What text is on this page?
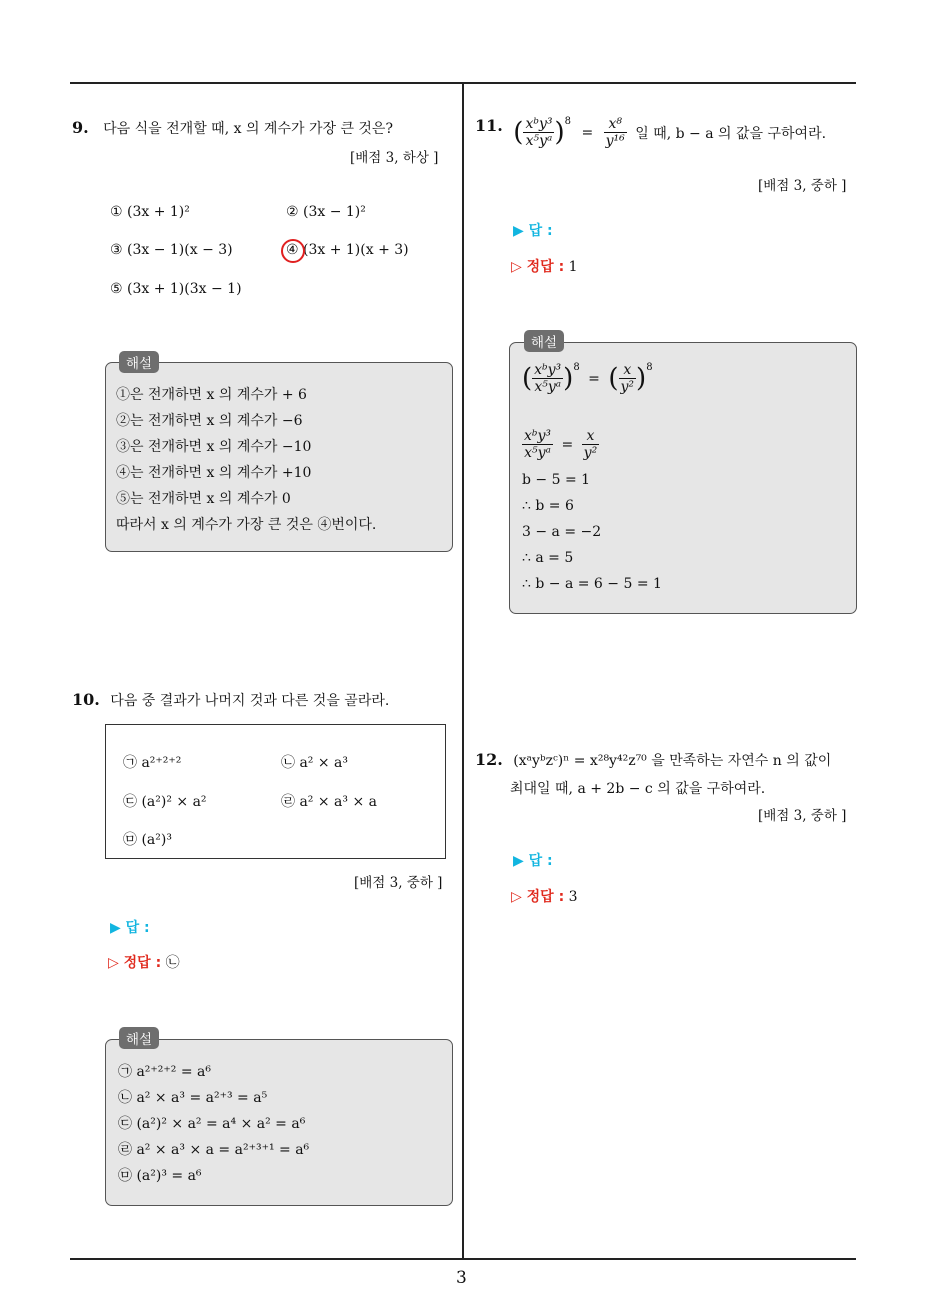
9. 다음 식을 전개할 때, x 의 계수가 가장 큰 것은?
[배점 3, 하상 ]
① (3x + 1)²	② (3x − 1)²
③ (3x − 1)(x − 3)	④ (3x + 1)(x + 3)
⑤ (3x + 1)(3x − 1)
해설
①은 전개하면 x 의 계수가 + 6
②는 전개하면 x 의 계수가 −6
③은 전개하면 x 의 계수가 −10
④는 전개하면 x 의 계수가 +10
⑤는 전개하면 x 의 계수가 0
따라서 x 의 계수가 가장 큰 것은 ④번이다.
10. 다음 중 결과가 나머지 것과 다른 것을 골라라.
㉠ a²⁺²⁺²	㉡ a² × a³
㉢ (a²)² × a²	㉣ a² × a³ × a
㉤ (a²)³
[배점 3, 중하 ]
▶ 답 :
▷ 정답 : ㉡
해설
㉠ a²⁺²⁺² = a⁶
㉡ a² × a³ = a²⁺³ = a⁵
㉢ (a²)² × a² = a⁴ × a² = a⁶
㉣ a² × a³ × a = a²⁺³⁺¹ = a⁶
㉤ (a²)³ = a⁶
11. ( $\frac{\text{xᵇy³}}{\text{x⁵yᵃ}} )^8 = \frac{\text{x⁸}}{\text{y¹⁶}}$ 일 때, b − a 의 값을 구하여라.
[배점 3, 중하 ]
▶ 답 :
▷ 정답 : 1
해설
( $\frac{\text{xᵇy³}}{\text{x⁵yᵃ}} )^8$ = ( $\frac{x}{\text{y²}} )^8$
$\frac{\text{xᵇy³}}{\text{x⁵yᵃ}} = \frac{x}{\text{y²}}$
b − 5 = 1
∴ b = 6
3 − a = −2
∴ a = 5
∴ b − a = 6 − 5 = 1
12. (xᵃyᵇzᶜ)ⁿ = x²⁸y⁴²z⁷⁰ 을 만족하는 자연수 n 의 값이
최대일 때, a + 2b − c 의 값을 구하여라.
[배점 3, 중하 ]
▶ 답 :
▷ 정답 : 3
3
